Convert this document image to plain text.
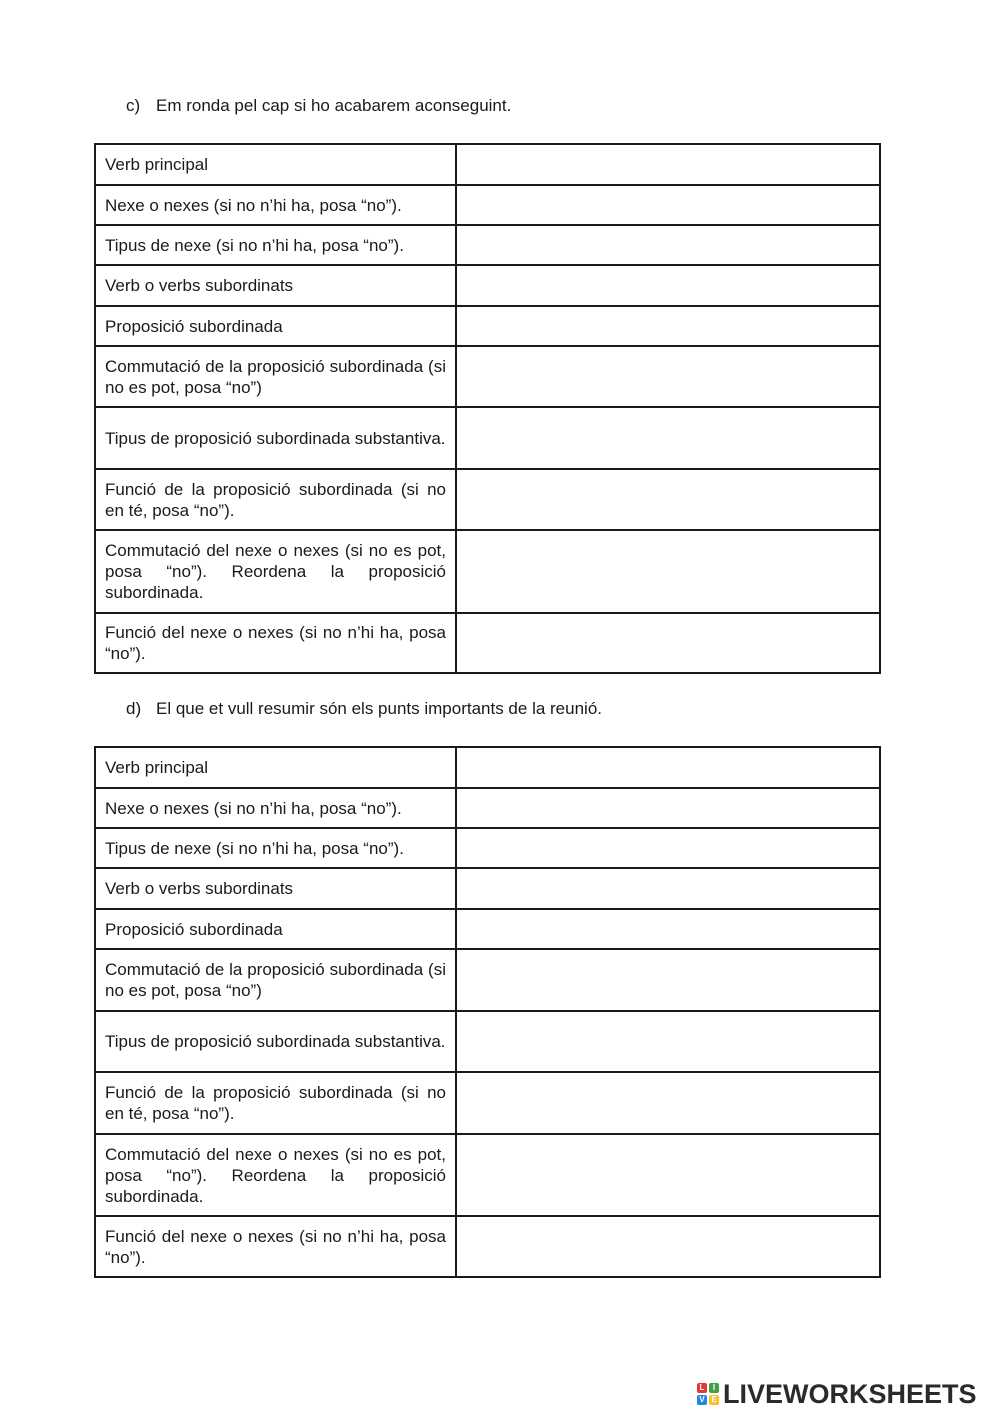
c) Em ronda pel cap si ho acabarem aconseguint.
Verb principal	
Nexe o nexes (si no n’hi ha, posa “no”).	
Tipus de nexe (si no n’hi ha, posa “no”).	
Verb o verbs subordinats	
Proposició subordinada	
Commutació de la proposició subordinada (si no es pot, posa “no”)	
Tipus de proposició subordinada substantiva.	
Funció de la proposició subordinada (si no en té, posa “no”).	
Commutació del nexe o nexes (si no es pot, posa “no”). Reordena la proposició subordinada.	
Funció del nexe o nexes (si no n’hi ha, posa “no”).	
d) El que et vull resumir són els punts importants de la reunió.
Verb principal	
Nexe o nexes (si no n’hi ha, posa “no”).	
Tipus de nexe (si no n’hi ha, posa “no”).	
Verb o verbs subordinats	
Proposició subordinada	
Commutació de la proposició subordinada (si no es pot, posa “no”)	
Tipus de proposició subordinada substantiva.	
Funció de la proposició subordinada (si no en té, posa “no”).	
Commutació del nexe o nexes (si no es pot, posa “no”). Reordena la proposició subordinada.	
Funció del nexe o nexes (si no n’hi ha, posa “no”).	
L	I
V E LIVEWORKSHEETS
